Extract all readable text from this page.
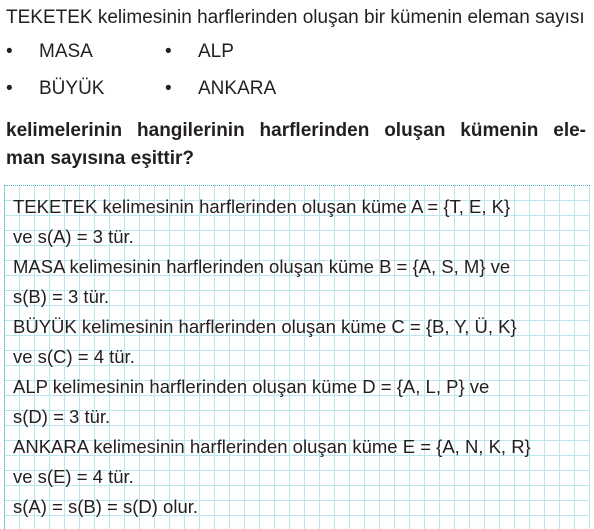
TEKETEK kelimesinin harflerinden oluşan bir kümenin eleman sayısı
• MASA	• ALP
• BÜYÜK	• ANKARA
kelimelerinin hangilerinin harflerinden oluşan kümenin ele-
man sayısına eşittir?
TEKETEK kelimesinin harflerinden oluşan küme A = {T, E, K}
ve s(A) = 3 tür.
MASA kelimesinin harflerinden oluşan küme B = {A, S, M} ve
s(B) = 3 tür.
BÜYÜK kelimesinin harflerinden oluşan küme C = {B, Y, Ü, K}
ve s(C) = 4 tür.
ALP kelimesinin harflerinden oluşan küme D = {A, L, P} ve
s(D) = 3 tür.
ANKARA kelimesinin harflerinden oluşan küme E = {A, N, K, R}
ve s(E) = 4 tür.
s(A) = s(B) = s(D) olur.
